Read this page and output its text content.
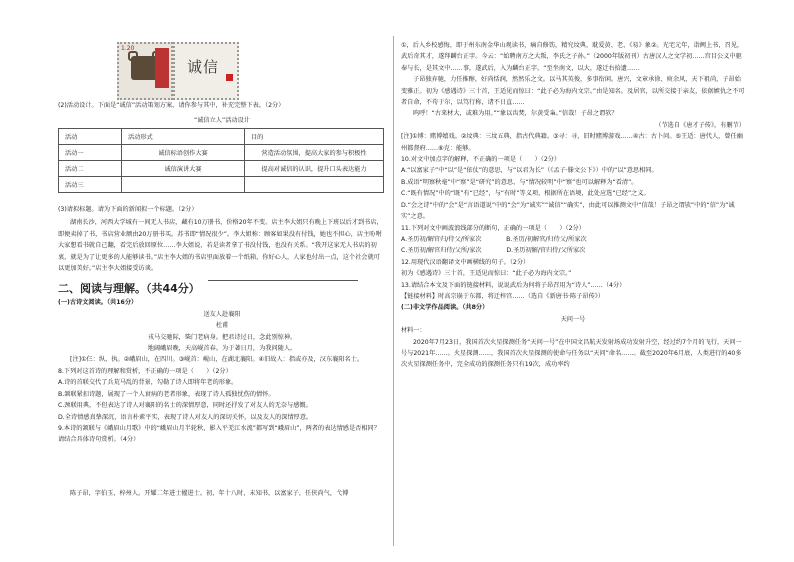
1.20
诚信

(2)活动设计。下面是“诚信”活动策划方案，请你参与其中，补充完整下表。（2分）

“诚信立人”活动设计

活动	活动形式	目的
活动一	诚信标语创作大赛	营造活动氛围，提高大家的参与积极性
活动二	诚信演讲大赛	提高对诚信的认识，提升口头表达能力
活动三		

(3)请拟标题。请为下面的新闻拟一个标题。（2分）

湖南长沙，河西大学城有一间无人书店，藏有10万册书，价格20年不变。店主李大姐只有晚上下班以后才到书店，即便卖掉了书，书店营业额由20万册书买。苏书即“情况很少”。李大姐称：顾客如果没有付钱，她也不担心，店主吩咐大家想看书就自己翻，看完后放回原位……李大姐说，若是读者拿了书没付钱，也没有关系。“我开这家无人书店的初衷，就是为了让更多的人能够读书。”店主李大姐的书店里面放着一个纸箱，你好心人，人家也付出一点，这个社会就可以更加美好。”店主李大姐接受访谈。

二、阅读与理解。（共44分）

(一)古诗文阅读。（共16分）

送友人赴襄阳

杜甫

戎马交驰际，柴门老病身。把君诗过日，念此别惊神。

地阔峨眉晚，天高岘首春。为于著日月，为我问随人。

[注]①仨：纵，执。②峨眉山，在四川。③岘首：岘山，在湖北襄阳。④旧故人：指或亦及，汉东襄阳名士。

8.下列对这首诗的理解和赏析，不正确的一项是（　　）（2分）

A.诗的首联交代了兵荒马乱的背景，勾勒了诗人即将年老的形象。

B.颔联紧扣诗题，展现了一个人衰病的老者形象，表现了诗人孤独忧伤的情怀。

C.颈联用典，不但表达了诗人对襄阳的名士的深情厚意，同时还抒发了对友人的无奈与感慨。

D.全诗情感真挚深沉，语言朴素平实，表现了诗人对友人的深切关怀，以及友人的深情厚意。

9.本诗的颔联与《峨眉山月歌》中的“峨眉山月半轮秋，影入平羌江水流”都写到“峨眉山”，两者的表达情感是否相同？请结合具体诗句赏析。（4分）

陈子昂，字伯玉，梓州人。开耀二年进士擢进士。初，年十八时，未知书，以富家子，任侠尚气，弋博

①，后入乡校感悔，即于州东南金华山观读书，痛自修饬，精究坟典，耽爱黄、老、《易》象②。光宅元年，诣阙上书，召见，武后奇其才，遂拜麟台正字。今云：“始聘南方之大叛，李氏之子孙。”（2000年版初刊）古唐汉人之文学初……宫目公义中驱奉与长，是其文中……事，遂武后，入为麟台正字。“至坐南文，以大，遂迁右拾遗……

子昂独弃驰，力任推醇，好尚恬润，然然乐之文。以马其英俊，多事衔闲。唐兴，文章承徐、庾余风，天下祖尚，子昂始变雅正。初为《感遇诗》三十首，王适见而惊曰：“此子必为海内文宗。”由是知名。及居官，以所交接于亲友，依倨嫉仇之不可者自命，不苟于尔，以笃行称，诸不日直……

呜呼！“古来材大，或难为用。”“象以齿焚，尔黄受枭。”信哉！子昂之谓欤？

（节选自《唐才子传》，有删节）

[注]①博：赌博嬉戏。②坟典：三坟五典，指古代典籍。③寻：寻，旧时赌博游戏……④古：古卜问。⑤王适：唐代人，曾任幽州都督府……⑥克：能够。

10.对文中加点字的解释，不正确的一项是（　　）（2分）

A.“以富家子”中“以”是“依仗”的意思，与“以君为长”（《孟子·滕文公下》）中的“以”意思相同。

B.成语“明察秋毫”中“察”是“研究”的意思，与“情况较明”中“察”也可以解释为“看清”。

C.“既有情况”中的“既”有“已经”，与“有时”等义项，根据所在语境，此处应选“已经”之义。

D.“会之诗”中的“会”是“言语道说”中的“会”为“诚实”“诚信”“确实”，由此可以推测文中“信哉！子昂之谓欤”中的“信”为“诚实”之意。

11.下列对文中画波浪线部分的断句，正确的一项是（　　）（2分）

A.圣历初/解官归/侍父/所家次　　　　	B.圣历/初解官/归侍父/所家次

C.圣历初/解官归侍/父所/家次　　　　	D.圣历初解/官归侍/父所家次

12.用现代汉语翻译文中画横线的句子。（2分）

初为《感遇诗》三十首，王适见而惊曰：“此子必为海内文宗。”

13.请结合本文及下面的链接材料，说说武后为何将子昂召用为“诗人”……（4分）

【链接材料】时高宗崩于东都，将迁梓宫……（选自《新唐书·陈子昂传》）

(二)非文学作品阅读。（共8分）

天问一号

材料一：

2020年7月23日，我国首次火星探测任务“天问一号”在中国文昌航天发射场成功发射升空，经过约7个月的飞行，天问一号与2021年……。火星探测……，我国首次火星探测的使命与任务以“天问”命名……。截至2020年6月底，人类进行的40多次火星探测任务中，完全成功的探测任务只有19次，成功率约
